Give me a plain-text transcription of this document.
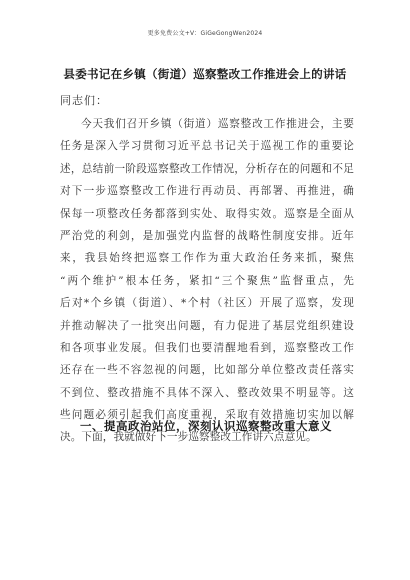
更多免费公文+V：GiGeGongWen2024
县委书记在乡镇（街道）巡察整改工作推进会上的讲话
同志们：
今天我们召开乡镇（街道）巡察整改工作推进会，主要
任务是深入学习贯彻习近平总书记关于巡视工作的重要论
述，总结前一阶段巡察整改工作情况，分析存在的问题和不足
对下一步巡察整改工作进行再动员、再部署、再推进，确
保每一项整改任务都落到实处、取得实效。巡察是全面从
严治党的利剑，是加强党内监督的战略性制度安排。近年
来，我县始终把巡察工作作为重大政治任务来抓，聚焦
“两个维护”根本任务，紧扣“三个聚焦”监督重点，先
后对*个乡镇（街道）、*个村（社区）开展了巡察，发现
并推动解决了一批突出问题，有力促进了基层党组织建设
和各项事业发展。但我们也要清醒地看到，巡察整改工作
还存在一些不容忽视的问题，比如部分单位整改责任落实
不到位、整改措施不具体不深入、整改效果不明显等。这
些问题必须引起我们高度重视，采取有效措施切实加以解
决。下面，我就做好下一步巡察整改工作讲六点意见。
一、提高政治站位，深刻认识巡察整改重大意义
